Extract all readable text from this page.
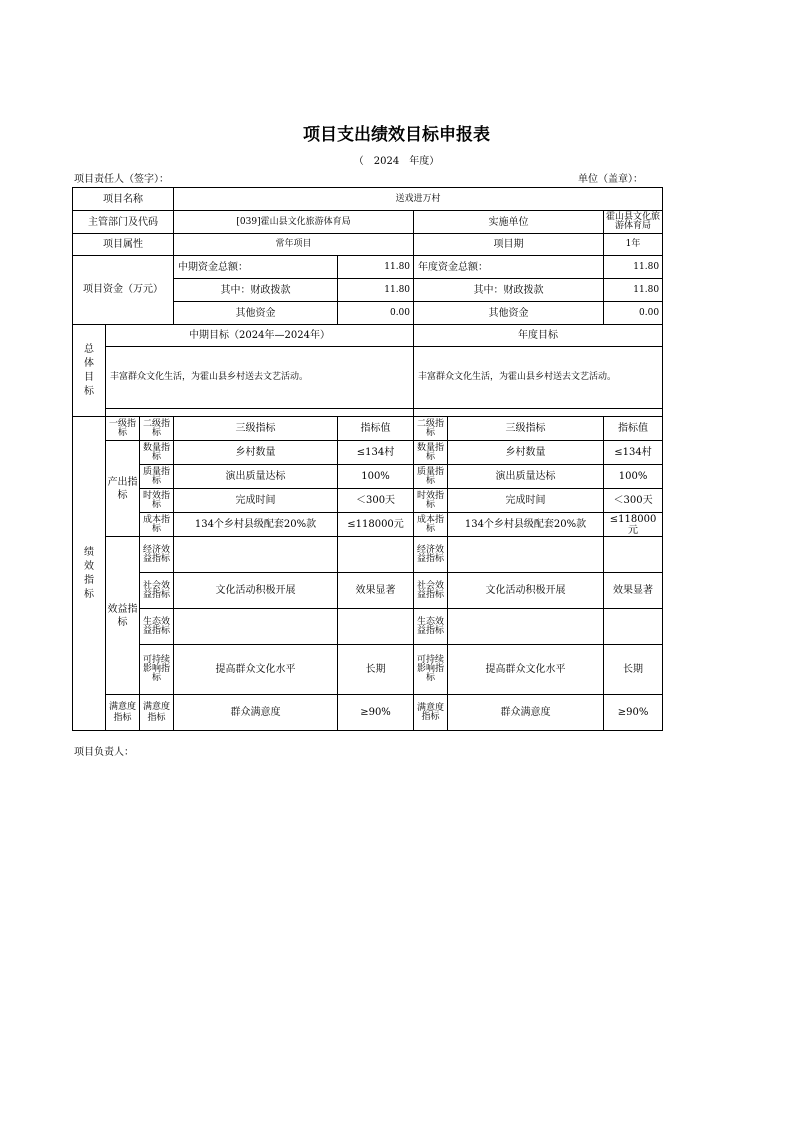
项目支出绩效目标申报表
（　2024　年度）
项目责任人（签字）：	单位（盖章）：
项目名称			送戏进万村				
主管部门及代码			[039]霍山县文化旅游体育局		实施单位		霍山县文化旅游体育局
项目属性			常年项目		项目期		1年
项目资金（万元）			中期资金总额：	11.80	年度资金总额：		11.80
			其中：财政拨款	11.80	其中：财政拨款		11.80
			其他资金	0.00	其他资金		0.00
总体目标	中期目标（2024年—2024年）				年度目标		
	丰富群众文化生活，为霍山县乡村送去文艺活动。				丰富群众文化生活，为霍山县乡村送去文艺活动。		

绩效指标	一级指标	二级指标	三级指标	指标值	二级指标	三级指标	指标值
	产出指标	数量指标	乡村数量	≤134村	数量指标	乡村数量	≤134村
		质量指标	演出质量达标	100%	质量指标	演出质量达标	100%
		时效指标	完成时间	＜300天	时效指标	完成时间	＜300天
		成本指标	134个乡村县级配套20%款	≤118000元	成本指标	134个乡村县级配套20%款	≤118000元
	效益指标	经济效益指标			经济效益指标		
		社会效益指标	文化活动积极开展	效果显著	社会效益指标	文化活动积极开展	效果显著
		生态效益指标			生态效益指标		
		可持续影响指标	提高群众文化水平	长期	可持续影响指标	提高群众文化水平	长期
	满意度指标	满意度指标	群众满意度	≥90%	满意度指标	群众满意度	≥90%
项目负责人：
